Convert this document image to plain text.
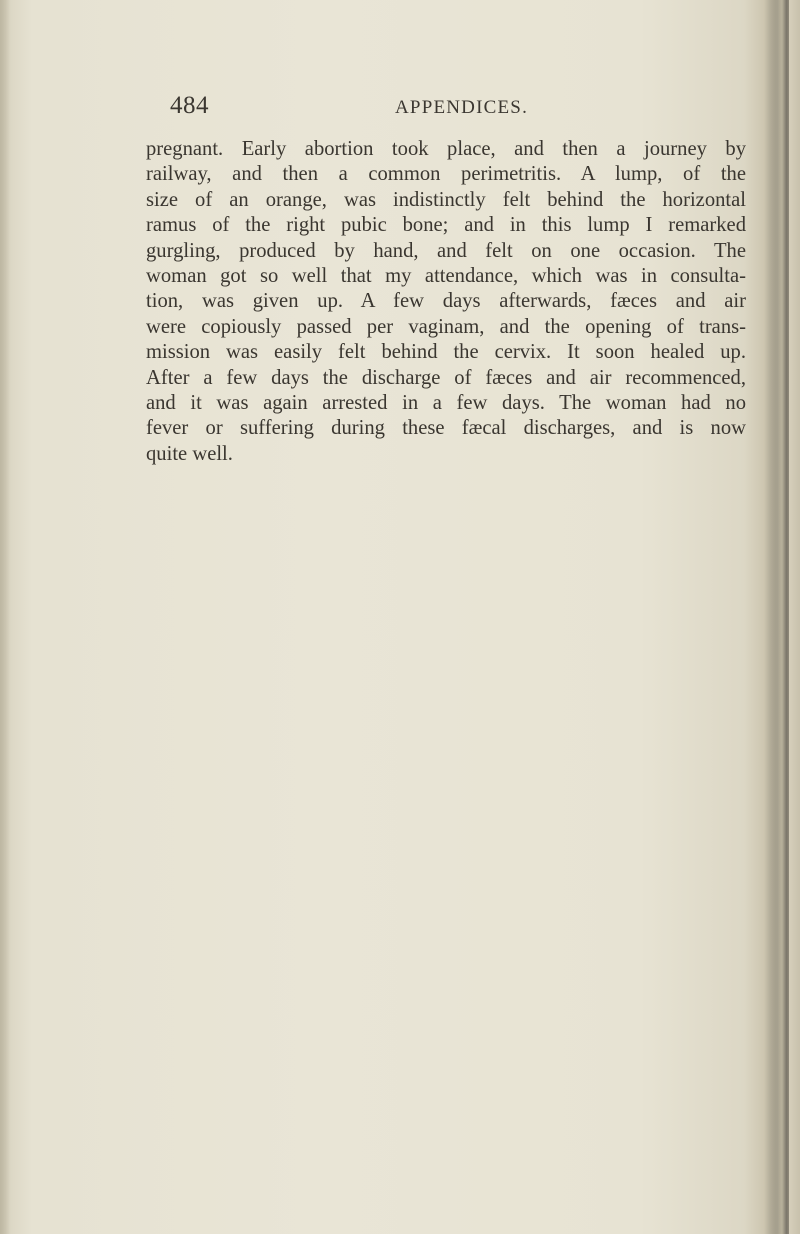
484	APPENDICES.
pregnant. Early abortion took place, and then a journey by
railway, and then a common perimetritis. A lump, of the
size of an orange, was indistinctly felt behind the horizontal
ramus of the right pubic bone; and in this lump I remarked
gurgling, produced by hand, and felt on one occasion. The
woman got so well that my attendance, which was in consulta-
tion, was given up. A few days afterwards, fæces and air
were copiously passed per vaginam, and the opening of trans-
mission was easily felt behind the cervix. It soon healed up.
After a few days the discharge of fæces and air recommenced,
and it was again arrested in a few days. The woman had no
fever or suffering during these fæcal discharges, and is now
quite well.
